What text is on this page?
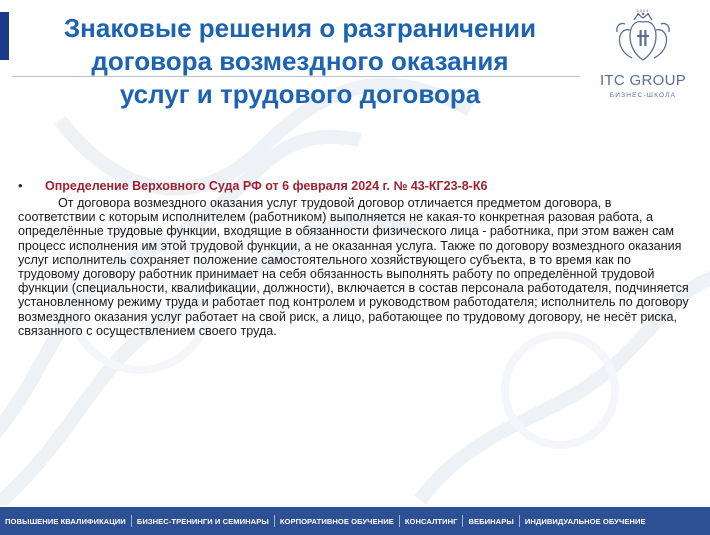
Знаковые решения о разграничении
договора возмездного оказания
услуг и трудового договора
2004
ITC GROUP
БИЗНЕС-ШКОЛА
•	Определение Верховного Суда РФ от 6 февраля 2024 г. № 43-КГ23-8-К6

От договора возмездного оказания услуг трудовой договор отличается предметом договора, в соответствии с которым исполнителем (работником) выполняется не какая-то конкретная разовая работа, а определённые трудовые функции, входящие в обязанности физического лица - работника, при этом важен сам процесс исполнения им этой трудовой функции, а не оказанная услуга. Также по договору возмездного оказания услуг исполнитель сохраняет положение самостоятельного хозяйствующего субъекта, в то время как по трудовому договору работник принимает на себя обязанность выполнять работу по определённой трудовой функции (специальности, квалификации, должности), включается в состав персонала работодателя, подчиняется установленному режиму труда и работает под контролем и руководством работодателя; исполнитель по договору возмездного оказания услуг работает на свой риск, а лицо, работающее по трудовому договору, не несёт риска, связанного с осуществлением своего труда.

ПОВЫШЕНИЕ КВАЛИФИКАЦИИ БИЗНЕС-ТРЕНИНГИ И СЕМИНАРЫ КОРПОРАТИВНОЕ ОБУЧЕНИЕ КОНСАЛТИНГ ВЕБИНАРЫ ИНДИВИДУАЛЬНОЕ ОБУЧЕНИЕ
